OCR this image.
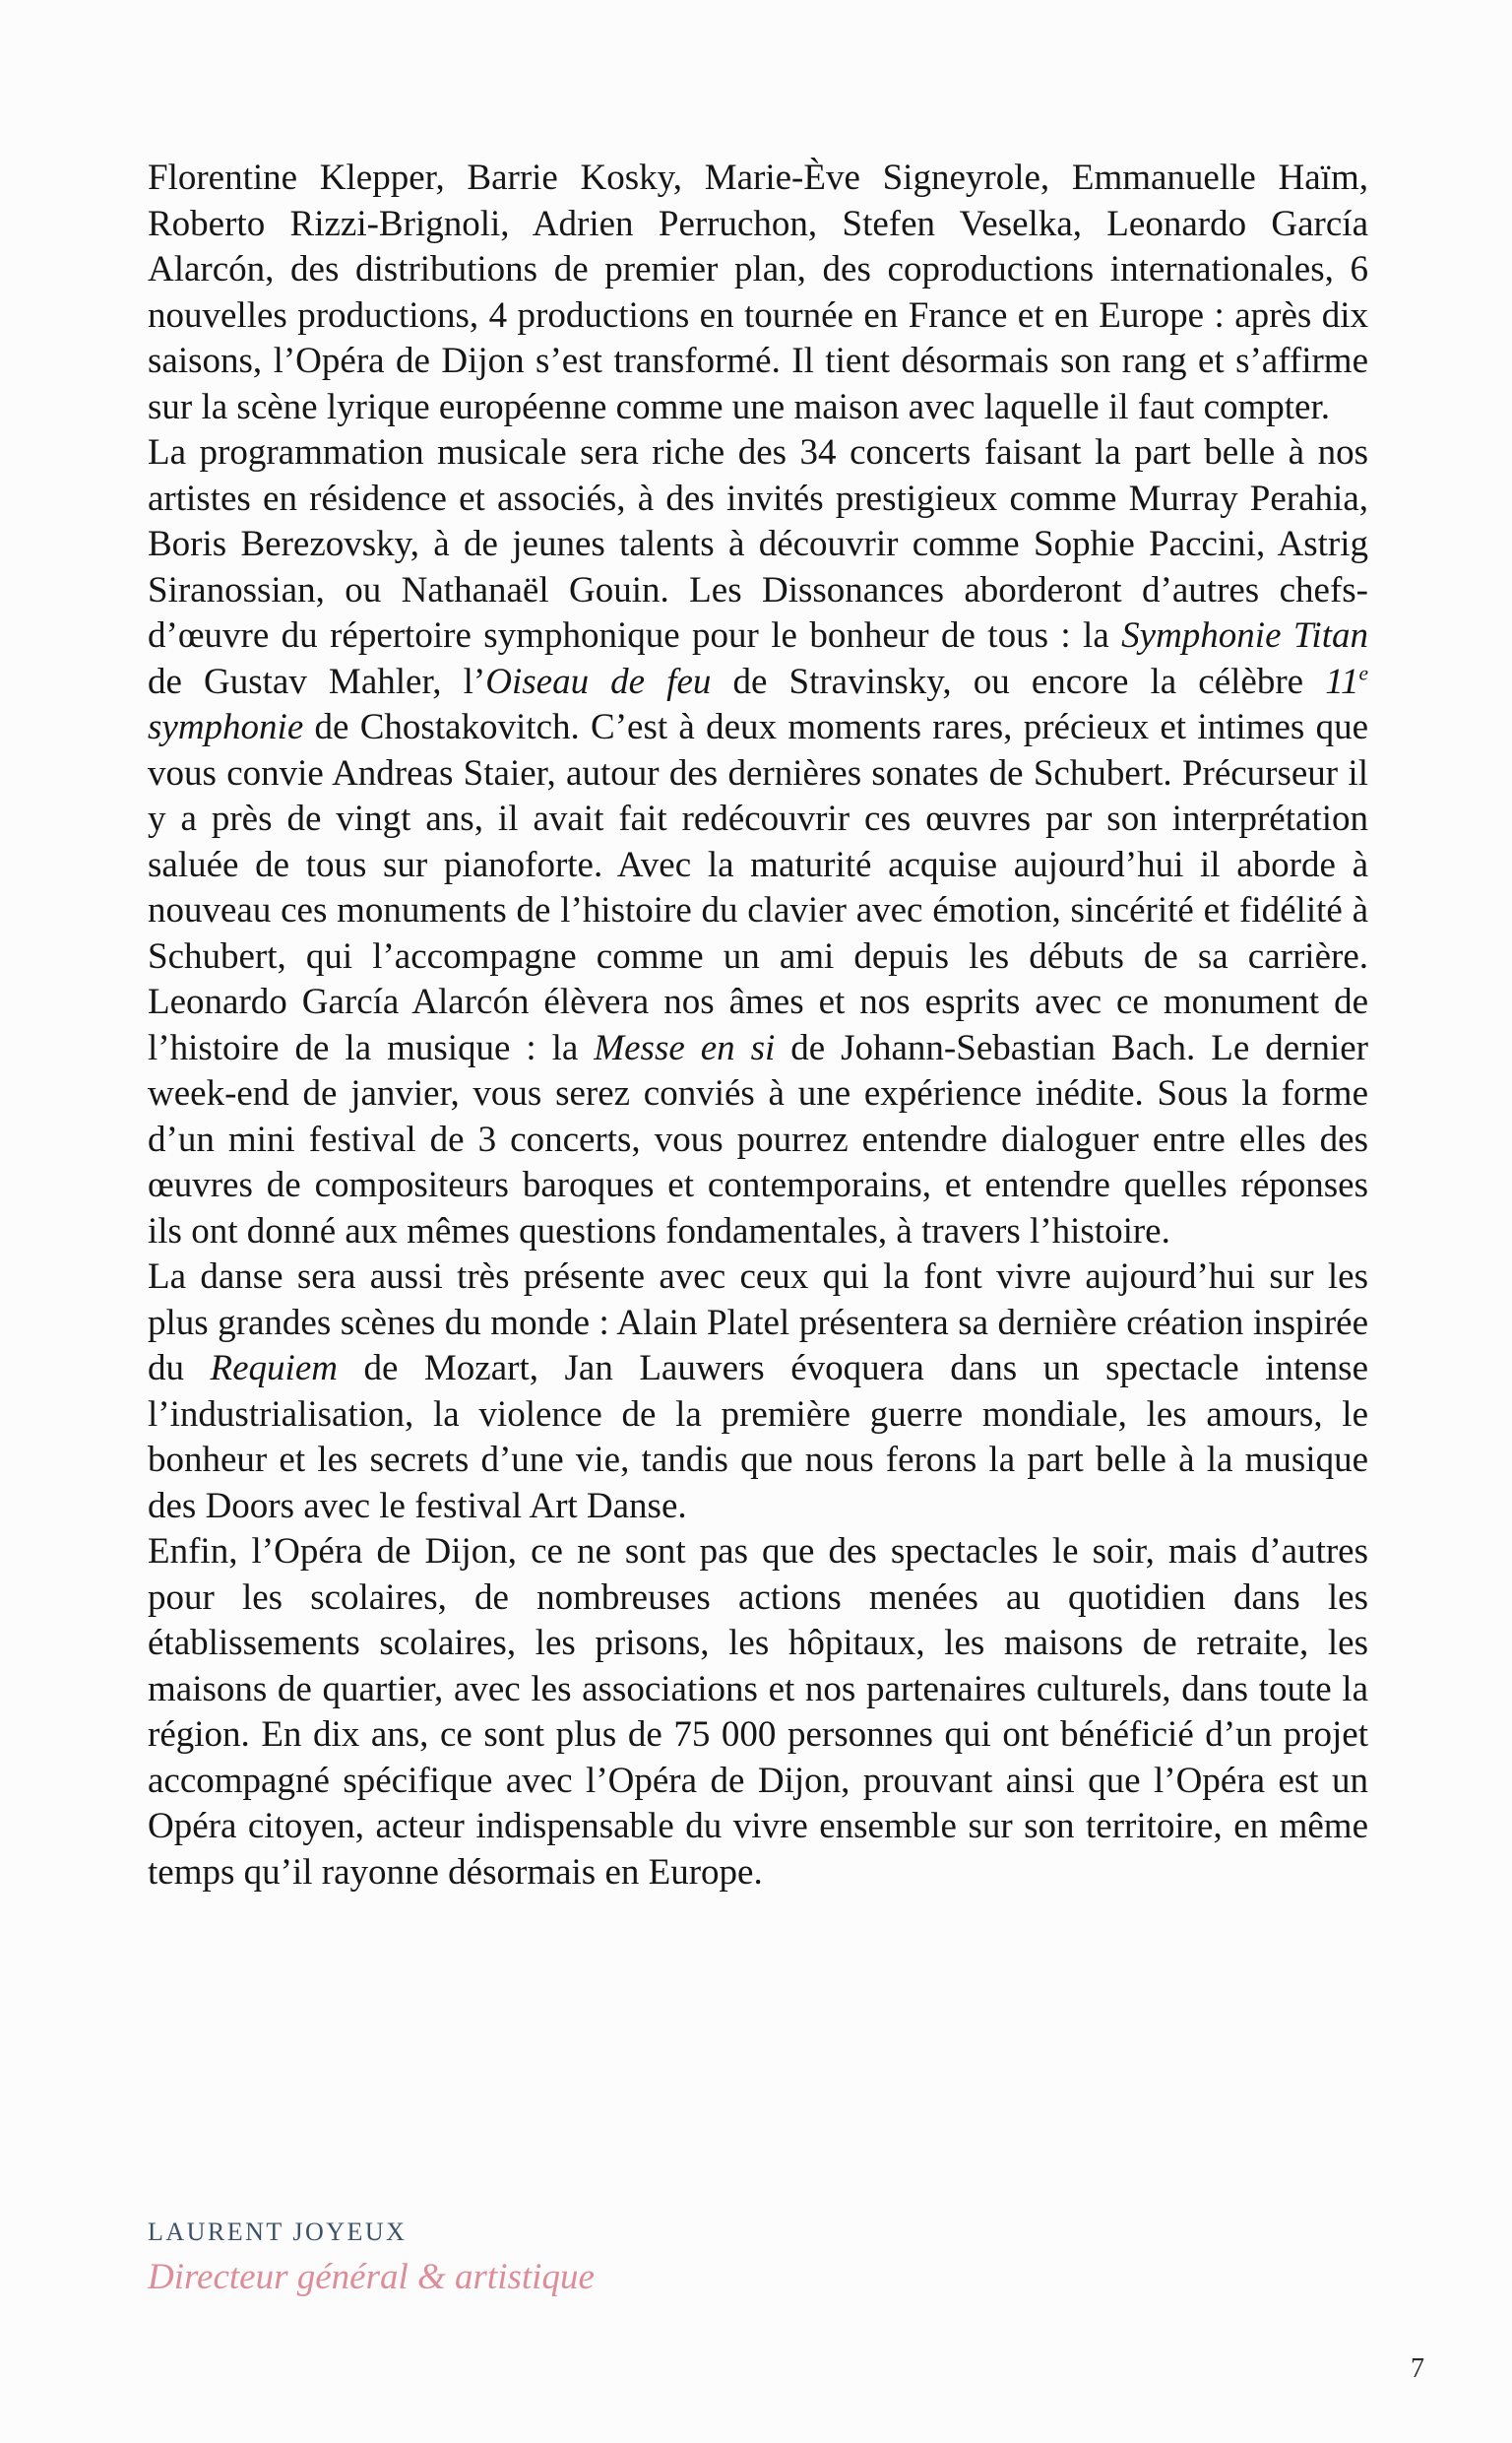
Florentine Klepper, Barrie Kosky, Marie-Ève Signeyrole, Emmanuelle Haïm, Roberto Rizzi-Brignoli, Adrien Perruchon, Stefen Veselka, Leonardo García Alarcón, des distributions de premier plan, des coproductions internationales, 6 nouvelles productions, 4 productions en tournée en France et en Europe : après dix saisons, l’Opéra de Dijon s’est transformé. Il tient désormais son rang et s’affirme sur la scène lyrique européenne comme une maison avec laquelle il faut compter.

La programmation musicale sera riche des 34 concerts faisant la part belle à nos artistes en résidence et associés, à des invités prestigieux comme Murray Perahia, Boris Berezovsky, à de jeunes talents à découvrir comme Sophie Paccini, Astrig Siranossian, ou Nathanaël Gouin. Les Dissonances aborderont d’autres chefs-d’œuvre du répertoire symphonique pour le bonheur de tous : la Symphonie Titan de Gustav Mahler, l’Oiseau de feu de Stravinsky, ou encore la célèbre 11e symphonie de Chostakovitch. C’est à deux moments rares, précieux et intimes que vous convie Andreas Staier, autour des dernières sonates de Schubert. Précurseur il y a près de vingt ans, il avait fait redécouvrir ces œuvres par son interprétation saluée de tous sur pianoforte. Avec la maturité acquise aujourd’hui il aborde à nouveau ces monuments de l’histoire du clavier avec émotion, sincérité et fidélité à Schubert, qui l’accompagne comme un ami depuis les débuts de sa carrière. Leonardo García Alarcón élèvera nos âmes et nos esprits avec ce monument de l’histoire de la musique : la Messe en si de Johann-Sebastian Bach. Le dernier week-end de janvier, vous serez conviés à une expérience inédite. Sous la forme d’un mini festival de 3 concerts, vous pourrez entendre dialoguer entre elles des œuvres de compositeurs baroques et contemporains, et entendre quelles réponses ils ont donné aux mêmes questions fondamentales, à travers l’histoire.

La danse sera aussi très présente avec ceux qui la font vivre aujourd’hui sur les plus grandes scènes du monde : Alain Platel présentera sa dernière création inspirée du Requiem de Mozart, Jan Lauwers évoquera dans un spectacle intense l’industrialisation, la violence de la première guerre mondiale, les amours, le bonheur et les secrets d’une vie, tandis que nous ferons la part belle à la musique des Doors avec le festival Art Danse.

Enfin, l’Opéra de Dijon, ce ne sont pas que des spectacles le soir, mais d’autres pour les scolaires, de nombreuses actions menées au quotidien dans les établissements scolaires, les prisons, les hôpitaux, les maisons de retraite, les maisons de quartier, avec les associations et nos partenaires culturels, dans toute la région. En dix ans, ce sont plus de 75 000 personnes qui ont bénéficié d’un projet accompagné spécifique avec l’Opéra de Dijon, prouvant ainsi que l’Opéra est un Opéra citoyen, acteur indispensable du vivre ensemble sur son territoire, en même temps qu’il rayonne désormais en Europe.

LAURENT JOYEUX
Directeur général & artistique
7
